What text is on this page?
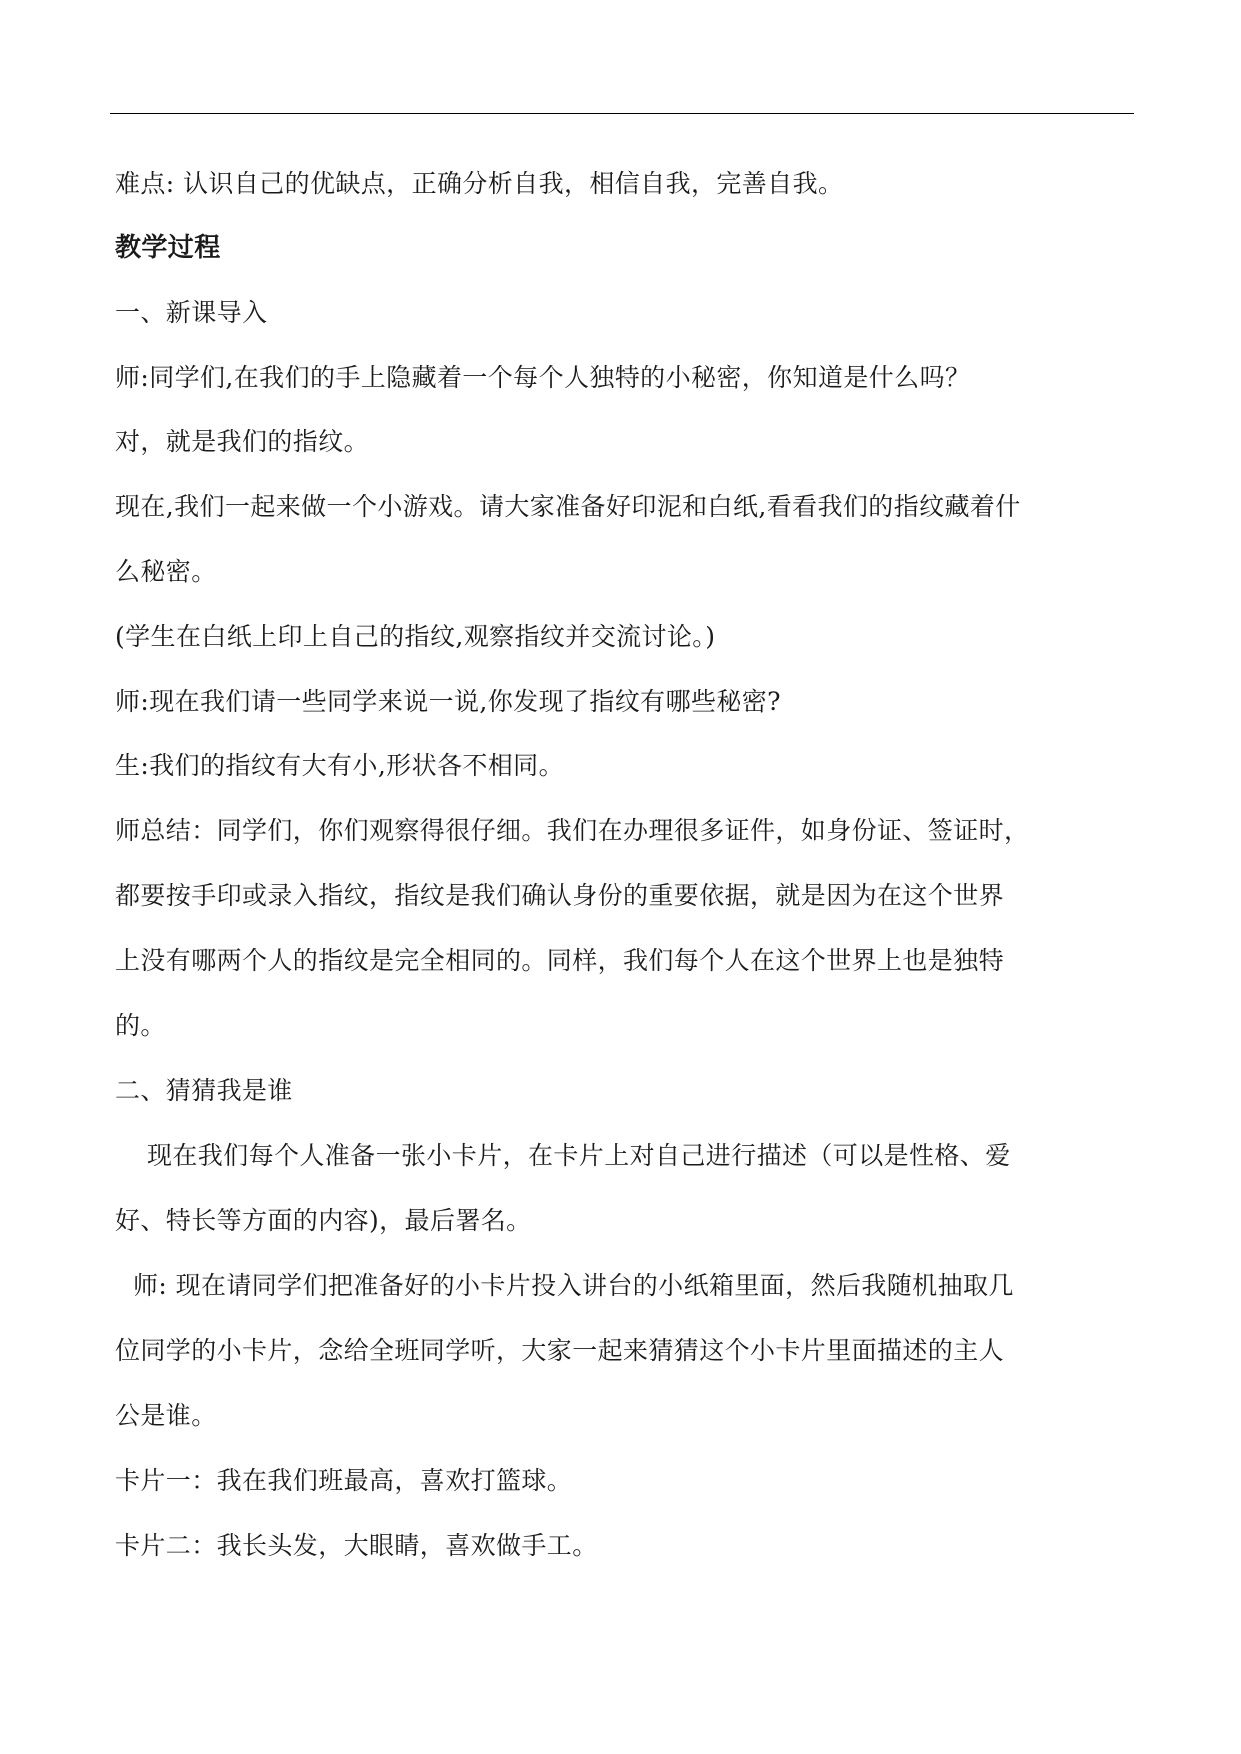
难点: 认识自己的优缺点，正确分析自我，相信自我，完善自我。
教学过程
一、新课导入
师:同学们,在我们的手上隐藏着一个每个人独特的小秘密，你知道是什么吗？
对，就是我们的指纹。
现在,我们一起来做一个小游戏。请大家准备好印泥和白纸,看看我们的指纹藏着什
么秘密。
(学生在白纸上印上自己的指纹,观察指纹并交流讨论。)
师:现在我们请一些同学来说一说,你发现了指纹有哪些秘密?
生:我们的指纹有大有小,形状各不相同。
师总结：同学们，你们观察得很仔细。我们在办理很多证件，如身份证、签证时，
都要按手印或录入指纹，指纹是我们确认身份的重要依据，就是因为在这个世界
上没有哪两个人的指纹是完全相同的。同样，我们每个人在这个世界上也是独特
的。
二、猜猜我是谁
现在我们每个人准备一张小卡片，在卡片上对自己进行描述（可以是性格、爱
好、特长等方面的内容)，最后署名。
师: 现在请同学们把准备好的小卡片投入讲台的小纸箱里面，然后我随机抽取几
位同学的小卡片，念给全班同学听，大家一起来猜猜这个小卡片里面描述的主人
公是谁。
卡片一：我在我们班最高，喜欢打篮球。
卡片二：我长头发，大眼睛，喜欢做手工。
